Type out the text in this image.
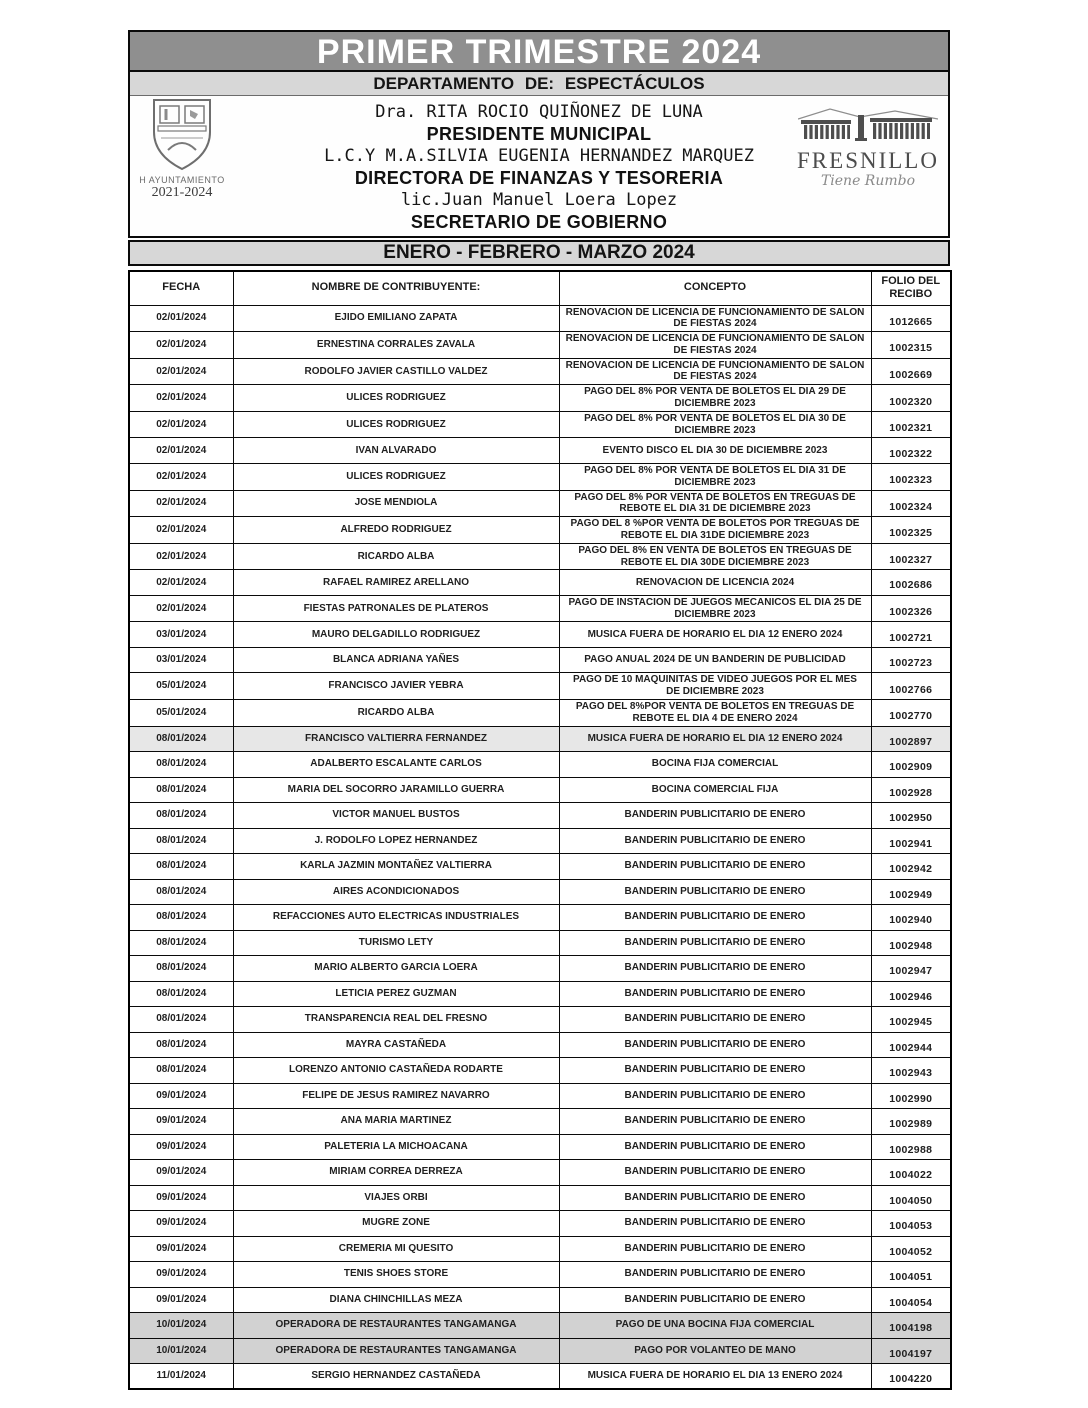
PRIMER TRIMESTRE 2024
DEPARTAMENTO DE: ESPECTÁCULOS
H AYUNTAMIENTO
2021-2024
Dra. RITA ROCIO QUIÑONEZ DE LUNA
PRESIDENTE MUNICIPAL
L.C.Y M.A.SILVIA EUGENIA HERNANDEZ MARQUEZ
DIRECTORA DE FINANZAS Y TESORERIA
lic.Juan Manuel Loera Lopez
SECRETARIO DE GOBIERNO
FRESNILLO
Tiene Rumbo
ENERO - FEBRERO - MARZO 2024
FECHA	NOMBRE DE CONTRIBUYENTE:	CONCEPTO	FOLIO DEL RECIBO
02/01/2024	EJIDO EMILIANO ZAPATA	RENOVACION DE LICENCIA DE FUNCIONAMIENTO DE SALON DE FIESTAS 2024	1012665
02/01/2024	ERNESTINA CORRALES ZAVALA	RENOVACION DE LICENCIA DE FUNCIONAMIENTO DE SALON DE FIESTAS 2024	1002315
02/01/2024	RODOLFO JAVIER CASTILLO VALDEZ	RENOVACION DE LICENCIA DE FUNCIONAMIENTO DE SALON DE FIESTAS 2024	1002669
02/01/2024	ULICES RODRIGUEZ	PAGO DEL 8% POR VENTA DE BOLETOS EL DIA 29 DE DICIEMBRE 2023	1002320
02/01/2024	ULICES RODRIGUEZ	PAGO DEL 8% POR VENTA DE BOLETOS EL DIA 30 DE DICIEMBRE 2023	1002321
02/01/2024	IVAN ALVARADO	EVENTO DISCO EL DIA 30 DE DICIEMBRE 2023	1002322
02/01/2024	ULICES RODRIGUEZ	PAGO DEL 8% POR VENTA DE BOLETOS EL DIA 31 DE DICIEMBRE 2023	1002323
02/01/2024	JOSE MENDIOLA	PAGO DEL 8% POR VENTA DE BOLETOS EN TREGUAS DE REBOTE EL DIA 31 DE DICIEMBRE 2023	1002324
02/01/2024	ALFREDO RODRIGUEZ	PAGO DEL 8 %POR VENTA DE BOLETOS POR TREGUAS DE REBOTE EL DIA 31DE DICIEMBRE 2023	1002325
02/01/2024	RICARDO ALBA	PAGO DEL 8% EN VENTA DE BOLETOS EN TREGUAS DE REBOTE EL DIA 30DE DICIEMBRE 2023	1002327
02/01/2024	RAFAEL RAMIREZ ARELLANO	RENOVACION DE LICENCIA 2024	1002686
02/01/2024	FIESTAS PATRONALES DE PLATEROS	PAGO DE INSTACION DE JUEGOS MECANICOS EL DIA 25 DE DICIEMBRE 2023	1002326
03/01/2024	MAURO DELGADILLO RODRIGUEZ	MUSICA FUERA DE HORARIO EL DIA 12 ENERO 2024	1002721
03/01/2024	BLANCA ADRIANA YAÑES	PAGO ANUAL 2024 DE UN BANDERIN DE PUBLICIDAD	1002723
05/01/2024	FRANCISCO JAVIER YEBRA	PAGO DE 10 MAQUINITAS DE VIDEO JUEGOS POR EL MES DE DICIEMBRE 2023	1002766
05/01/2024	RICARDO ALBA	PAGO DEL 8%POR VENTA DE BOLETOS EN TREGUAS DE REBOTE EL DIA 4 DE ENERO 2024	1002770
08/01/2024	FRANCISCO VALTIERRA FERNANDEZ	MUSICA FUERA DE HORARIO EL DIA 12 ENERO 2024	1002897
08/01/2024	ADALBERTO ESCALANTE CARLOS	BOCINA FIJA COMERCIAL	1002909
08/01/2024	MARIA DEL SOCORRO JARAMILLO GUERRA	BOCINA COMERCIAL FIJA	1002928
08/01/2024	VICTOR MANUEL BUSTOS	BANDERIN PUBLICITARIO DE ENERO	1002950
08/01/2024	J. RODOLFO LOPEZ HERNANDEZ	BANDERIN PUBLICITARIO DE ENERO	1002941
08/01/2024	KARLA JAZMIN MONTAÑEZ VALTIERRA	BANDERIN PUBLICITARIO DE ENERO	1002942
08/01/2024	AIRES ACONDICIONADOS	BANDERIN PUBLICITARIO DE ENERO	1002949
08/01/2024	REFACCIONES AUTO ELECTRICAS INDUSTRIALES	BANDERIN PUBLICITARIO DE ENERO	1002940
08/01/2024	TURISMO LETY	BANDERIN PUBLICITARIO DE ENERO	1002948
08/01/2024	MARIO ALBERTO GARCIA LOERA	BANDERIN PUBLICITARIO DE ENERO	1002947
08/01/2024	LETICIA PEREZ GUZMAN	BANDERIN PUBLICITARIO DE ENERO	1002946
08/01/2024	TRANSPARENCIA REAL DEL FRESNO	BANDERIN PUBLICITARIO DE ENERO	1002945
08/01/2024	MAYRA CASTAÑEDA	BANDERIN PUBLICITARIO DE ENERO	1002944
08/01/2024	LORENZO ANTONIO CASTAÑEDA RODARTE	BANDERIN PUBLICITARIO DE ENERO	1002943
09/01/2024	FELIPE DE JESUS RAMIREZ NAVARRO	BANDERIN PUBLICITARIO DE ENERO	1002990
09/01/2024	ANA MARIA MARTINEZ	BANDERIN PUBLICITARIO DE ENERO	1002989
09/01/2024	PALETERIA LA MICHOACANA	BANDERIN PUBLICITARIO DE ENERO	1002988
09/01/2024	MIRIAM CORREA DERREZA	BANDERIN PUBLICITARIO DE ENERO	1004022
09/01/2024	VIAJES ORBI	BANDERIN PUBLICITARIO DE ENERO	1004050
09/01/2024	MUGRE ZONE	BANDERIN PUBLICITARIO DE ENERO	1004053
09/01/2024	CREMERIA MI QUESITO	BANDERIN PUBLICITARIO DE ENERO	1004052
09/01/2024	TENIS SHOES STORE	BANDERIN PUBLICITARIO DE ENERO	1004051
09/01/2024	DIANA CHINCHILLAS MEZA	BANDERIN PUBLICITARIO DE ENERO	1004054
10/01/2024	OPERADORA DE RESTAURANTES TANGAMANGA	PAGO DE UNA BOCINA FIJA COMERCIAL	1004198
10/01/2024	OPERADORA DE RESTAURANTES TANGAMANGA	PAGO POR VOLANTEO DE MANO	1004197
11/01/2024	SERGIO HERNANDEZ CASTAÑEDA	MUSICA FUERA DE HORARIO EL DIA 13 ENERO 2024	1004220
